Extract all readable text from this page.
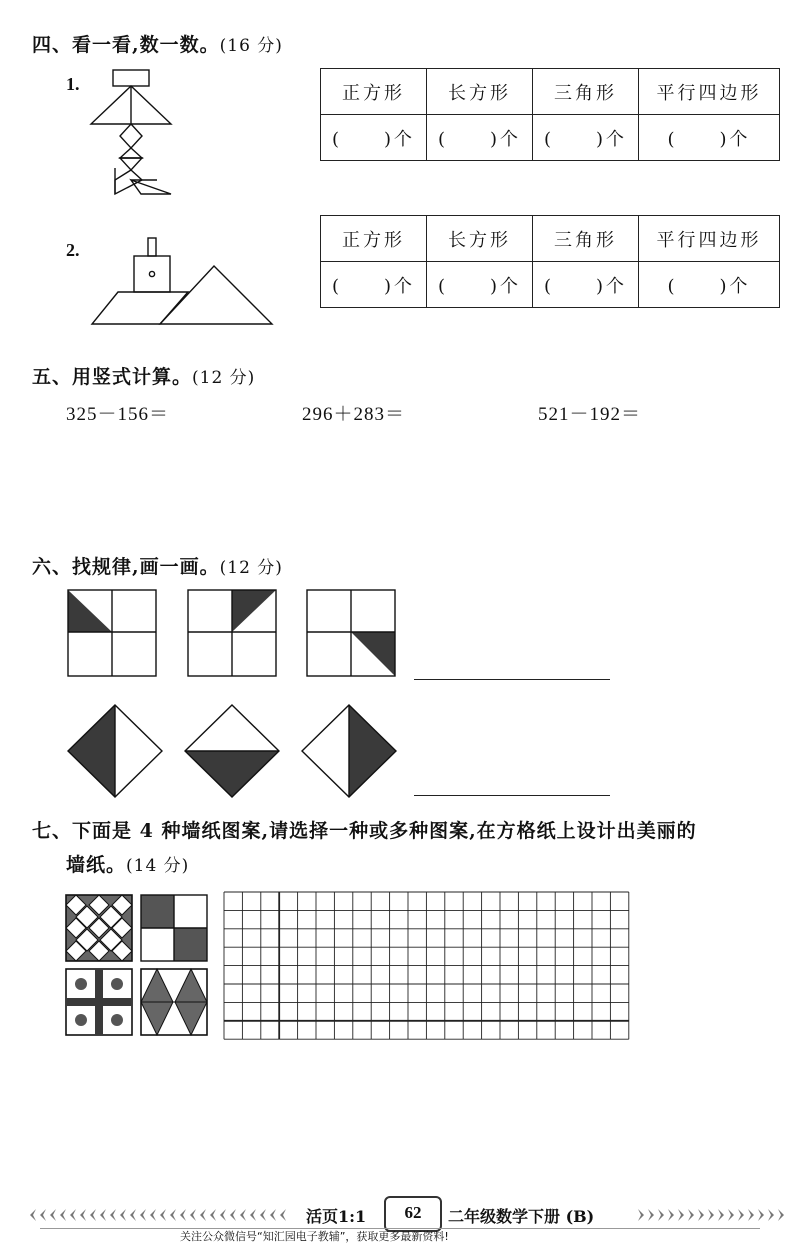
四、看一看,数一数。(16 分)
1.	正方形	长方形	三角形	平行四边形
(　　)个	(　　)个	(　　)个	(　　)个
2.	正方形	长方形	三角形	平行四边形
(　　)个	(　　)个	(　　)个	(　　)个
五、用竖式计算。(12 分)
325－156＝	296＋283＝	521－192＝
六、找规律,画一画。(12 分)
七、下面是 4 种墙纸图案,请选择一种或多种图案,在方格纸上设计出美丽的
墙纸。(14 分)
活页1:1	62	二年级数学下册 (B)
关注公众微信号“知汇园电子教辅”，获取更多最新资料!
